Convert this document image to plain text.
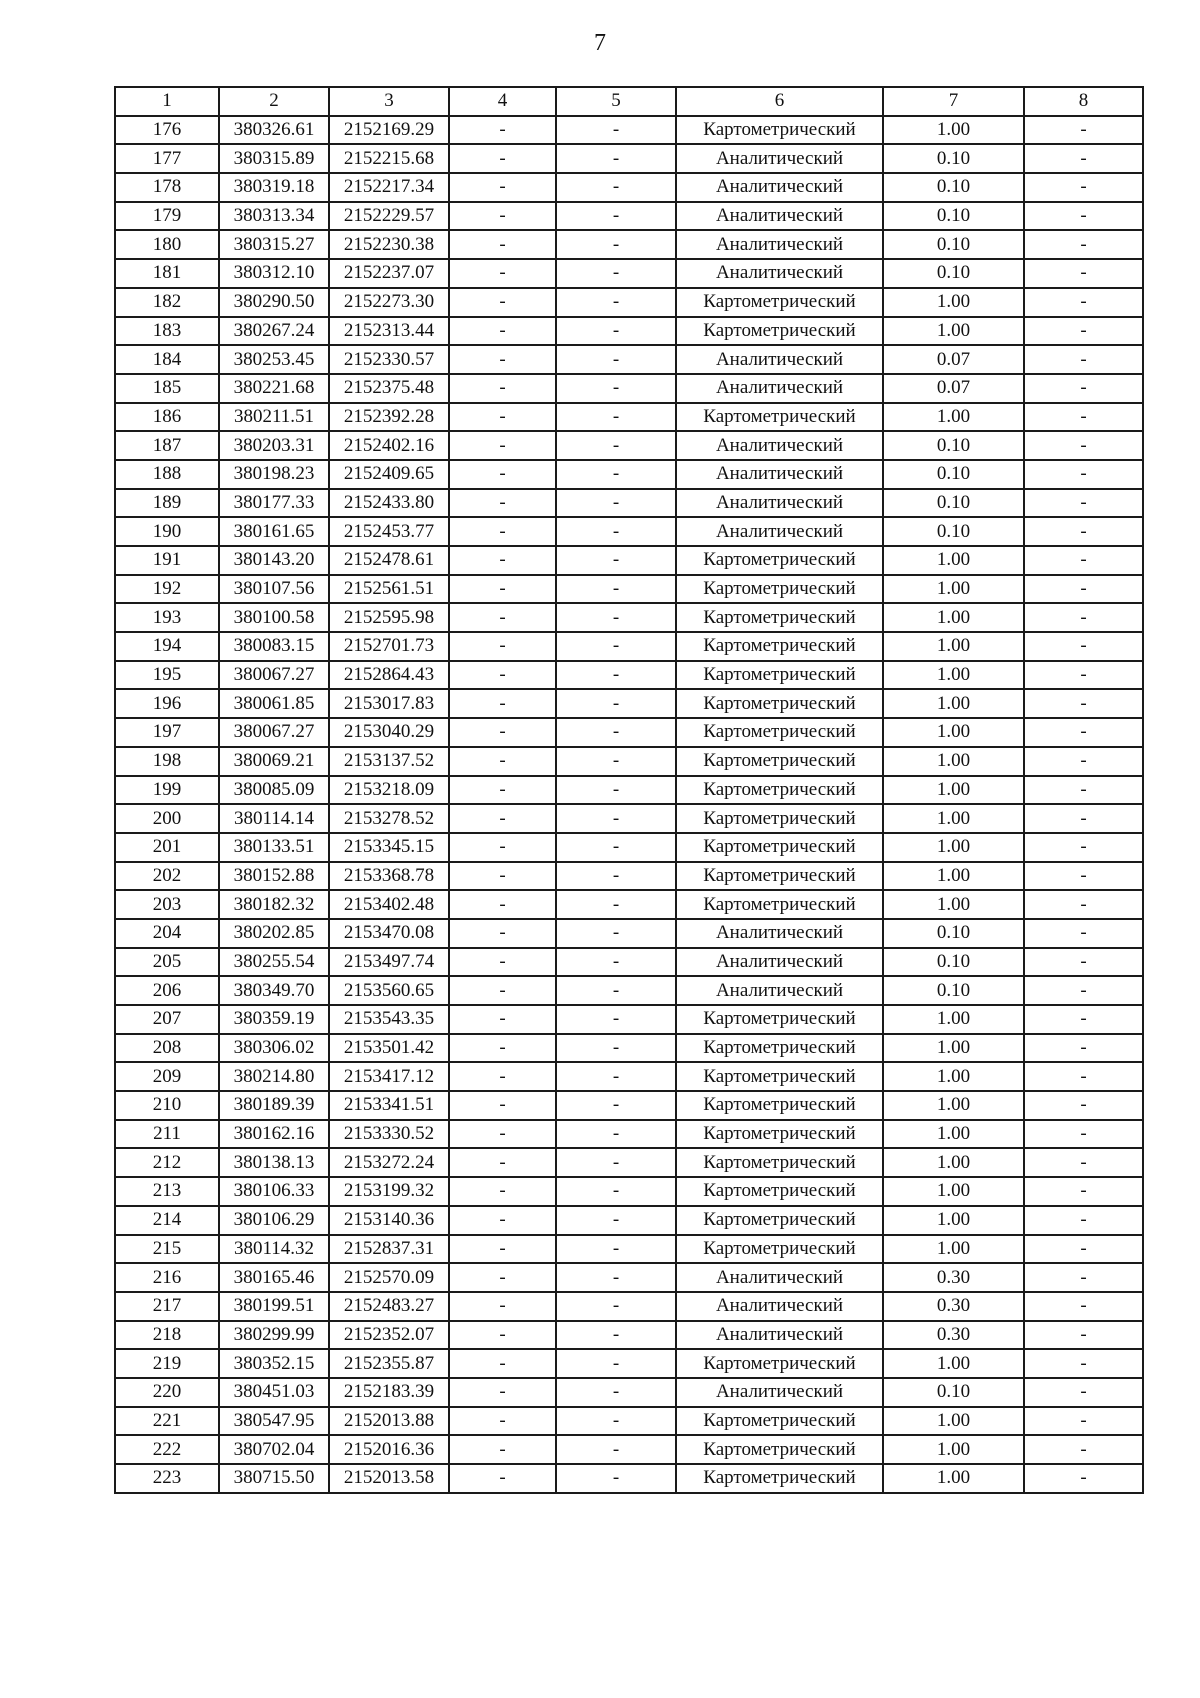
7
1	2	3	4	5	6	7	8
176	380326.61	2152169.29	-	-	Картометрический	1.00	-
177	380315.89	2152215.68	-	-	Аналитический	0.10	-
178	380319.18	2152217.34	-	-	Аналитический	0.10	-
179	380313.34	2152229.57	-	-	Аналитический	0.10	-
180	380315.27	2152230.38	-	-	Аналитический	0.10	-
181	380312.10	2152237.07	-	-	Аналитический	0.10	-
182	380290.50	2152273.30	-	-	Картометрический	1.00	-
183	380267.24	2152313.44	-	-	Картометрический	1.00	-
184	380253.45	2152330.57	-	-	Аналитический	0.07	-
185	380221.68	2152375.48	-	-	Аналитический	0.07	-
186	380211.51	2152392.28	-	-	Картометрический	1.00	-
187	380203.31	2152402.16	-	-	Аналитический	0.10	-
188	380198.23	2152409.65	-	-	Аналитический	0.10	-
189	380177.33	2152433.80	-	-	Аналитический	0.10	-
190	380161.65	2152453.77	-	-	Аналитический	0.10	-
191	380143.20	2152478.61	-	-	Картометрический	1.00	-
192	380107.56	2152561.51	-	-	Картометрический	1.00	-
193	380100.58	2152595.98	-	-	Картометрический	1.00	-
194	380083.15	2152701.73	-	-	Картометрический	1.00	-
195	380067.27	2152864.43	-	-	Картометрический	1.00	-
196	380061.85	2153017.83	-	-	Картометрический	1.00	-
197	380067.27	2153040.29	-	-	Картометрический	1.00	-
198	380069.21	2153137.52	-	-	Картометрический	1.00	-
199	380085.09	2153218.09	-	-	Картометрический	1.00	-
200	380114.14	2153278.52	-	-	Картометрический	1.00	-
201	380133.51	2153345.15	-	-	Картометрический	1.00	-
202	380152.88	2153368.78	-	-	Картометрический	1.00	-
203	380182.32	2153402.48	-	-	Картометрический	1.00	-
204	380202.85	2153470.08	-	-	Аналитический	0.10	-
205	380255.54	2153497.74	-	-	Аналитический	0.10	-
206	380349.70	2153560.65	-	-	Аналитический	0.10	-
207	380359.19	2153543.35	-	-	Картометрический	1.00	-
208	380306.02	2153501.42	-	-	Картометрический	1.00	-
209	380214.80	2153417.12	-	-	Картометрический	1.00	-
210	380189.39	2153341.51	-	-	Картометрический	1.00	-
211	380162.16	2153330.52	-	-	Картометрический	1.00	-
212	380138.13	2153272.24	-	-	Картометрический	1.00	-
213	380106.33	2153199.32	-	-	Картометрический	1.00	-
214	380106.29	2153140.36	-	-	Картометрический	1.00	-
215	380114.32	2152837.31	-	-	Картометрический	1.00	-
216	380165.46	2152570.09	-	-	Аналитический	0.30	-
217	380199.51	2152483.27	-	-	Аналитический	0.30	-
218	380299.99	2152352.07	-	-	Аналитический	0.30	-
219	380352.15	2152355.87	-	-	Картометрический	1.00	-
220	380451.03	2152183.39	-	-	Аналитический	0.10	-
221	380547.95	2152013.88	-	-	Картометрический	1.00	-
222	380702.04	2152016.36	-	-	Картометрический	1.00	-
223	380715.50	2152013.58	-	-	Картометрический	1.00	-
